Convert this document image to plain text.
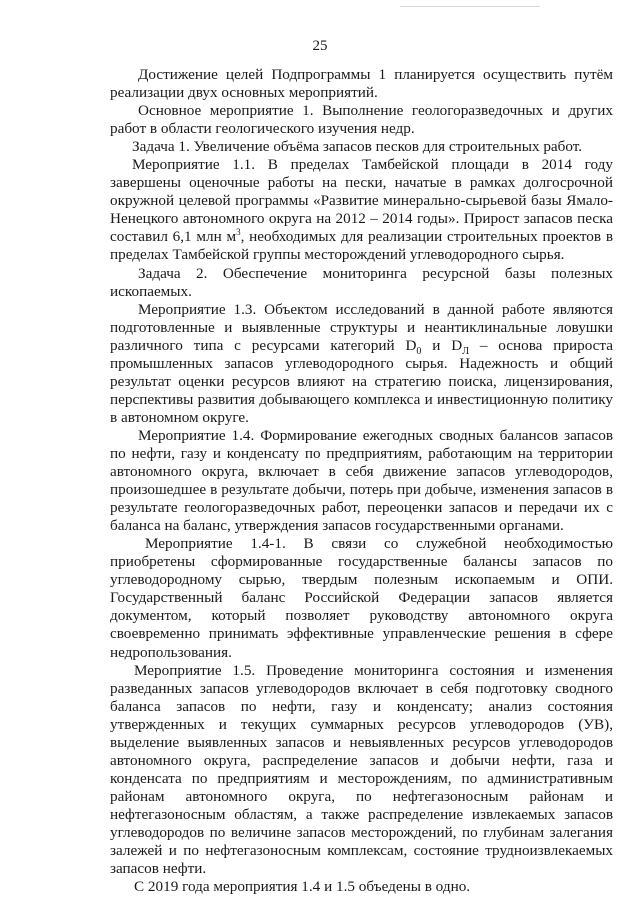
25

Достижение целей Подпрограммы 1 планируется осуществить путём реализации двух основных мероприятий.

Основное мероприятие 1. Выполнение геологоразведочных и других работ в области геологического изучения недр.

Задача 1. Увеличение объёма запасов песков для строительных работ.

Мероприятие 1.1. В пределах Тамбейской площади в 2014 году завершены оценочные работы на пески, начатые в рамках долгосрочной окружной целевой программы «Развитие минерально-сырьевой базы Ямало-Ненецкого автономного округа на 2012 – 2014 годы». Прирост запасов песка составил 6,1 млн $м^3$, необходимых для реализации строительных проектов в пределах Тамбейской группы месторождений углеводородного сырья.

Задача 2. Обеспечение мониторинга ресурсной базы полезных ископаемых.

Мероприятие 1.3. Объектом исследований в данной работе являются подготовленные и выявленные структуры и неантиклинальные ловушки различного типа с ресурсами категорий $D_0$ и $D_Л$ – основа прироста промышленных запасов углеводородного сырья. Надежность и общий результат оценки ресурсов влияют на стратегию поиска, лицензирования, перспективы развития добывающего комплекса и инвестиционную политику в автономном округе.

Мероприятие 1.4. Формирование ежегодных сводных балансов запасов по нефти, газу и конденсату по предприятиям, работающим на территории автономного округа, включает в себя движение запасов углеводородов, произошедшее в результате добычи, потерь при добыче, изменения запасов в результате геологоразведочных работ, переоценки запасов и передачи их с баланса на баланс, утверждения запасов государственными органами.

Мероприятие 1.4-1. В связи со служебной необходимостью приобретены сформированные государственные балансы запасов по углеводородному сырью, твердым полезным ископаемым и ОПИ. Государственный баланс Российской Федерации запасов является документом, который позволяет руководству автономного округа своевременно принимать эффективные управленческие решения в сфере недропользования.

Мероприятие 1.5. Проведение мониторинга состояния и изменения разведанных запасов углеводородов включает в себя подготовку сводного баланса запасов по нефти, газу и конденсату; анализ состояния утвержденных и текущих суммарных ресурсов углеводородов (УВ), выделение выявленных запасов и невыявленных ресурсов углеводородов автономного округа, распределение запасов и добычи нефти, газа и конденсата по предприятиям и месторождениям, по административным районам автономного округа, по нефтегазоносным районам и нефтегазоносным областям, а также распределение извлекаемых запасов углеводородов по величине запасов месторождений, по глубинам залегания залежей и по нефтегазоносным комплексам, состояние трудноизвлекаемых запасов нефти.

С 2019 года мероприятия 1.4 и 1.5 объедены в одно.
